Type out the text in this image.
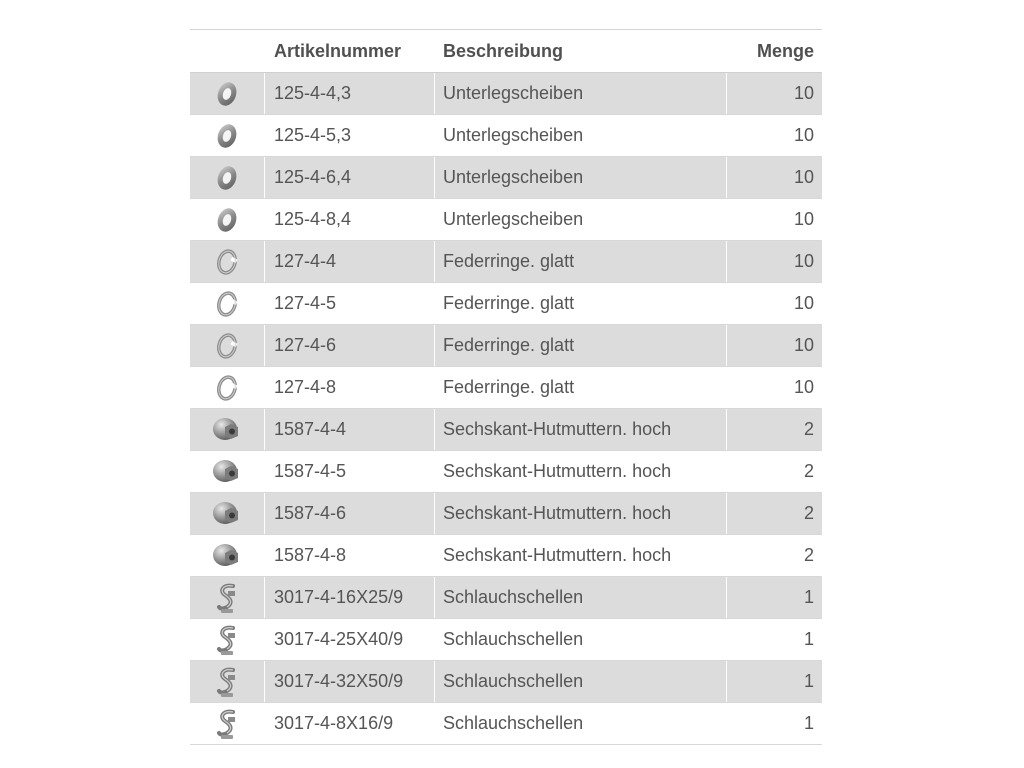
Artikelnummer	Beschreibung	Menge
125-4-4,3	Unterlegscheiben	10
125-4-5,3	Unterlegscheiben	10
125-4-6,4	Unterlegscheiben	10
125-4-8,4	Unterlegscheiben	10
127-4-4	Federringe. glatt	10
127-4-5	Federringe. glatt	10
127-4-6	Federringe. glatt	10
127-4-8	Federringe. glatt	10
1587-4-4	Sechskant-Hutmuttern. hoch	2
1587-4-5	Sechskant-Hutmuttern. hoch	2
1587-4-6	Sechskant-Hutmuttern. hoch	2
1587-4-8	Sechskant-Hutmuttern. hoch	2
3017-4-16X25/9	Schlauchschellen	1
3017-4-25X40/9	Schlauchschellen	1
3017-4-32X50/9	Schlauchschellen	1
3017-4-8X16/9	Schlauchschellen	1
